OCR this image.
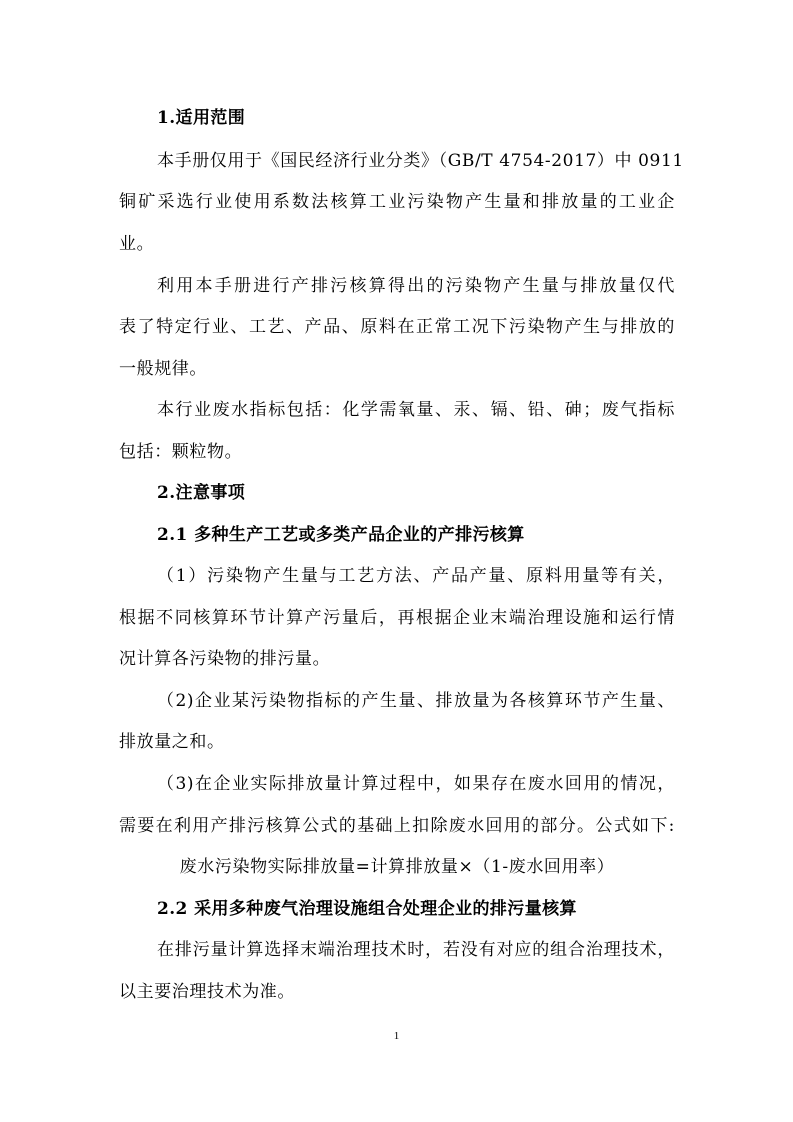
1.适用范围
本手册仅用于《国民经济行业分类》（GB/T 4754-2017）中 0911
铜矿采选行业使用系数法核算工业污染物产生量和排放量的工业企
业。
利用本手册进行产排污核算得出的污染物产生量与排放量仅代
表了特定行业、工艺、产品、原料在正常工况下污染物产生与排放的
一般规律。
本行业废水指标包括：化学需氧量、汞、镉、铅、砷；废气指标
包括：颗粒物。
2.注意事项
2.1 多种生产工艺或多类产品企业的产排污核算
（1）污染物产生量与工艺方法、产品产量、原料用量等有关，
根据不同核算环节计算产污量后，再根据企业末端治理设施和运行情
况计算各污染物的排污量。
（2)企业某污染物指标的产生量、排放量为各核算环节产生量、
排放量之和。
（3)在企业实际排放量计算过程中，如果存在废水回用的情况，
需要在利用产排污核算公式的基础上扣除废水回用的部分。公式如下:
废水污染物实际排放量=计算排放量×（1-废水回用率）
2.2 采用多种废气治理设施组合处理企业的排污量核算
在排污量计算选择末端治理技术时，若没有对应的组合治理技术，
以主要治理技术为准。
1
